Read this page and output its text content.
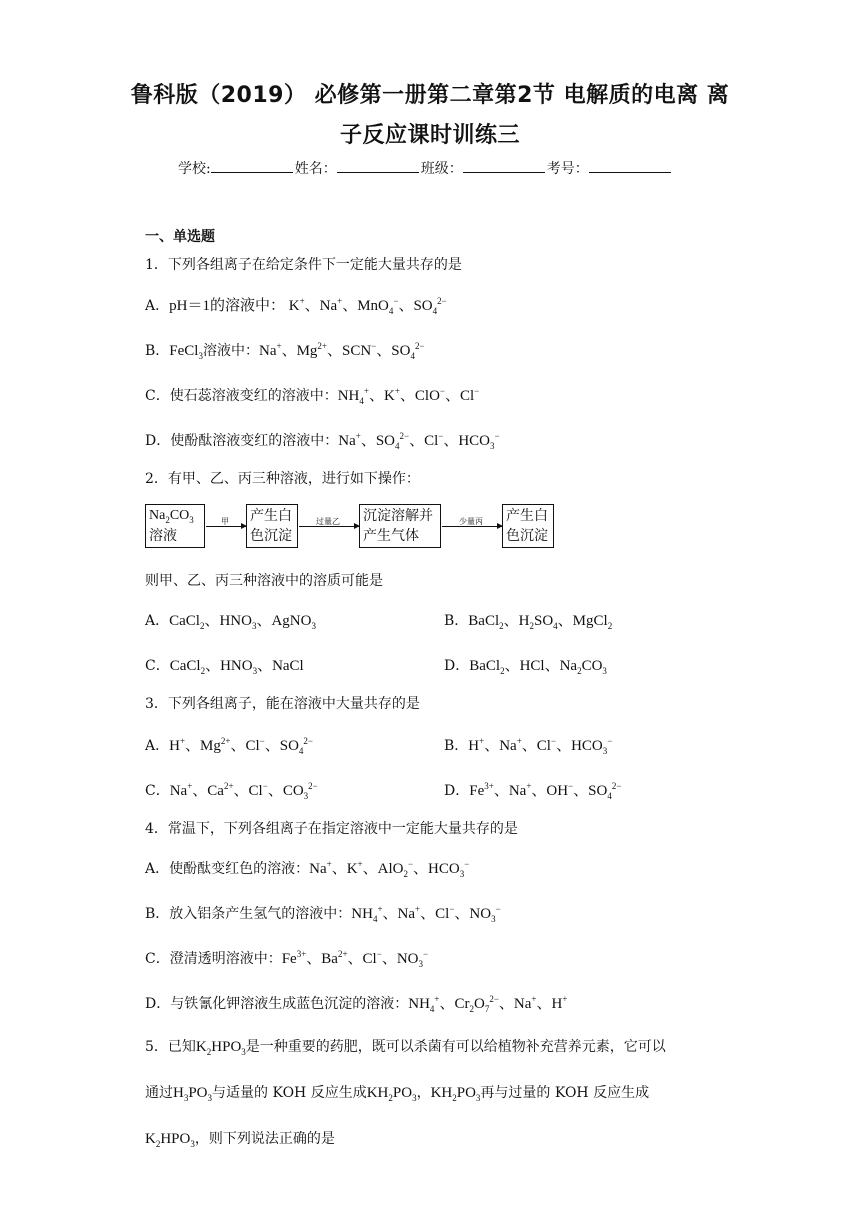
鲁科版（2019） 必修第一册第二章第2节 电解质的电离 离
子反应课时训练三
学校:	姓名：	班级：	考号：
一、单选题
1．下列各组离子在给定条件下一定能大量共存的是
A．pH＝1的溶液中： K+、Na+、MnO$_4$−、$SO_4^{2-}$
B．FeCl$_3$溶液中：Na+、$Mg^{2+}$、SCN−、$SO_4^{2-}$
C．使石蕊溶液变红的溶液中：$NH_4^+$、K+、ClO−、Cl−
D．使酚酞溶液变红的溶液中：Na+、$SO_4^{2-}$、Cl−、$HCO_3^-$
2．有甲、乙、丙三种溶液，进行如下操作：
$Na_2CO_3$
溶液
甲 产生白
色沉淀
过量乙 沉淀溶解并
产生气体
少量丙 产生白
色沉淀
则甲、乙、丙三种溶液中的溶质可能是
A．CaCl$_2$、$HNO_3$、AgNO$_3$	B．BaCl$_2$、$H_2SO_4$、MgCl$_2$
C．CaCl$_2$、$HNO_3$、NaCl	D．BaCl$_2$、HCl、$Na_2CO_3$
3．下列各组离子，能在溶液中大量共存的是
A．H+、$Mg^{2+}$、Cl−、$SO_4^{2-}$	B．H+、Na+、Cl−、$HCO_3^-$
C．Na+、$Ca^{2+}$、Cl−、$CO_3^{2-}$	D．$Fe^{3+}$、Na+、OH−、$SO_4^{2-}$
4．常温下，下列各组离子在指定溶液中一定能大量共存的是
A．使酚酞变红色的溶液：Na+、K+、AlO$_2$−、$HCO_3^-$
B．放入铝条产生氢气的溶液中：$NH_4^+$、Na+、Cl−、$NO_3^-$
C．澄清透明溶液中：$Fe^{3+}$、$Ba^{2+}$、Cl−、$NO_3^-$
D．与铁氰化钾溶液生成蓝色沉淀的溶液：$NH_4^+$、$Cr_2O_7^{2-}$、Na+、H+
5．已知$K_2HPO_3$是一种重要的药肥，既可以杀菌有可以给植物补充营养元素，它可以
通过$H_3PO_3$与适量的 KOH 反应生成$KH_2PO_3$，$KH_2PO_3$再与过量的 KOH 反应生成
$K_2HPO_3$，则下列说法正确的是
